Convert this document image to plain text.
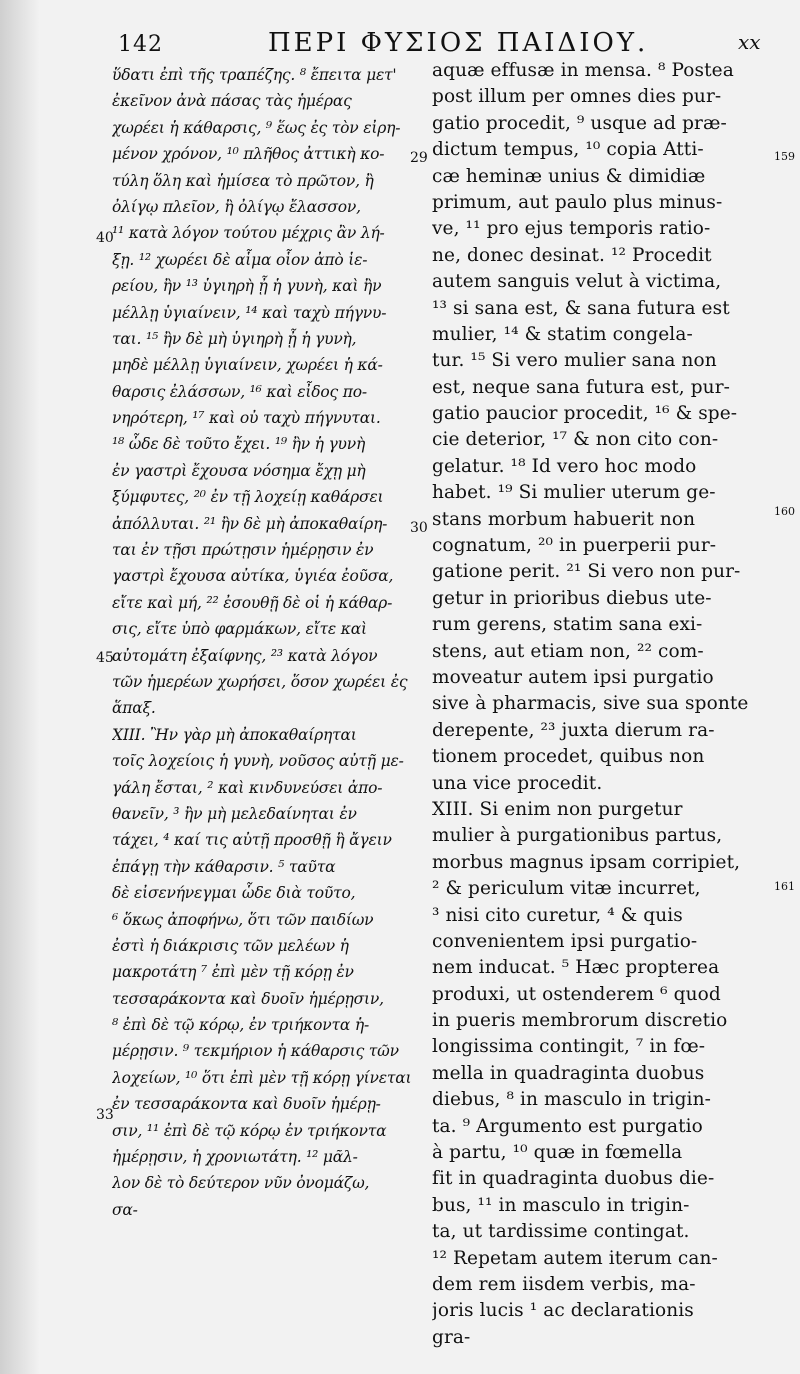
142	ΠΕΡΙ ΦΥΣΙΟΣ ΠΑΙΔΙΟΥ.	xx
ὕδατι ἐπὶ τῆς τραπέζης. ⁸ ἔπειτα μετ'
ἐκεῖνον ἀνὰ πάσας τὰς ἡμέρας
χωρέει ἡ κάθαρσις, ⁹ ἕως ἐς τὸν εἰρη-
μένον χρόνον, ¹⁰ πλῆθος ἀττικὴ κο-
τύλη ὅλη καὶ ἡμίσεα τὸ πρῶτον, ἢ
ὀλίγῳ πλεῖον, ἢ ὀλίγῳ ἔλασσον,
¹¹ κατὰ λόγον τούτου μέχρις ἂν λή-
ξῃ. ¹² χωρέει δὲ αἷμα οἷον ἀπὸ ἱε-
ρείου, ἢν ¹³ ὑγιηρὴ ᾖ ἡ γυνὴ, καὶ ἢν
μέλλῃ ὑγιαίνειν, ¹⁴ καὶ ταχὺ πήγνυ-
ται. ¹⁵ ἢν δὲ μὴ ὑγιηρὴ ᾖ ἡ γυνὴ,
μηδὲ μέλλῃ ὑγιαίνειν, χωρέει ἡ κά-
θαρσις ἐλάσσων, ¹⁶ καὶ εἶδος πο-
νηρότερη, ¹⁷ καὶ οὐ ταχὺ πήγνυται.
¹⁸ ὧδε δὲ τοῦτο ἔχει. ¹⁹ ἢν ἡ γυνὴ
ἐν γαστρὶ ἔχουσα νόσημα ἔχῃ μὴ
ξύμφυτες, ²⁰ ἐν τῇ λοχείῃ καθάρσει
ἀπόλλυται. ²¹ ἢν δὲ μὴ ἀποκαθαίρη-
ται ἐν τῇσι πρώτῃσιν ἡμέρῃσιν ἐν
γαστρὶ ἔχουσα αὐτίκα, ὑγιέα ἐοῦσα,
εἴτε καὶ μή, ²² ἐσουθῇ δὲ οἱ ἡ κάθαρ-
σις, εἴτε ὑπὸ φαρμάκων, εἴτε καὶ
αὐτομάτη ἐξαίφνης, ²³ κατὰ λόγον
τῶν ἡμερέων χωρήσει, ὅσον χωρέει ἐς
ἅπαξ.
XIII. Ἢν γὰρ μὴ ἀποκαθαίρηται
τοῖς λοχείοις ἡ γυνὴ, νοῦσος αὐτῇ με-
γάλη ἔσται, ² καὶ κινδυνεύσει ἀπο-
θανεῖν, ³ ἢν μὴ μελεδαίνηται ἐν
τάχει, ⁴ καί τις αὐτῇ προσθῇ ἣ ἄγειν
ἐπάγῃ τὴν κάθαρσιν. ⁵ ταῦτα
δὲ εἰσενήνεγμαι ὧδε διὰ τοῦτο,
⁶ ὅκως ἀποφήνω, ὅτι τῶν παιδίων
ἐστὶ ἡ διάκρισις τῶν μελέων ἡ
μακροτάτη ⁷ ἐπὶ μὲν τῇ κόρῃ ἐν
τεσσαράκοντα καὶ δυοῖν ἡμέρῃσιν,
⁸ ἐπὶ δὲ τῷ κόρῳ, ἐν τριήκοντα ἡ-
μέρῃσιν. ⁹ τεκμήριον ἡ κάθαρσις τῶν
λοχείων, ¹⁰ ὅτι ἐπὶ μὲν τῇ κόρῃ γίνεται
ἐν τεσσαράκοντα καὶ δυοῖν ἡμέρῃ-
σιν, ¹¹ ἐπὶ δὲ τῷ κόρῳ ἐν τριήκοντα
ἡμέρῃσιν, ἡ χρονιωτάτη. ¹² μᾶλ-
λον δὲ τὸ δεύτερον νῦν ὀνομάζω,
σα-
aquæ effusæ in mensa. ⁸ Postea
post illum per omnes dies pur-
gatio procedit, ⁹ usque ad præ-
dictum tempus, ¹⁰ copia Atti-
cæ heminæ unius & dimidiæ
primum, aut paulo plus minus-
ve, ¹¹ pro ejus temporis ratio-
ne, donec desinat. ¹² Procedit
autem sanguis velut à victima,
¹³ si sana est, & sana futura est
mulier, ¹⁴ & statim congela-
tur. ¹⁵ Si vero mulier sana non
est, neque sana futura est, pur-
gatio paucior procedit, ¹⁶ & spe-
cie deterior, ¹⁷ & non cito con-
gelatur. ¹⁸ Id vero hoc modo
habet. ¹⁹ Si mulier uterum ge-
stans morbum habuerit non
cognatum, ²⁰ in puerperii pur-
gatione perit. ²¹ Si vero non pur-
getur in prioribus diebus ute-
rum gerens, statim sana exi-
stens, aut etiam non, ²² com-
moveatur autem ipsi purgatio
sive à pharmacis, sive sua sponte
derepente, ²³ juxta dierum ra-
tionem procedet, quibus non
una vice procedit.
XIII. Si enim non purgetur
mulier à purgationibus partus,
morbus magnus ipsam corripiet,
² & periculum vitæ incurret,
³ nisi cito curetur, ⁴ & quis
convenientem ipsi purgatio-
nem inducat. ⁵ Hæc propterea
produxi, ut ostenderem ⁶ quod
in pueris membrorum discretio
longissima contingit, ⁷ in fœ-
mella in quadraginta duobus
diebus, ⁸ in masculo in trigin-
ta. ⁹ Argumento est purgatio
à partu, ¹⁰ quæ in fœmella
fit in quadraginta duobus die-
bus, ¹¹ in masculo in trigin-
ta, ut tardissime contingat.
¹² Repetam autem iterum can-
dem rem iisdem verbis, ma-
joris lucis ¹ ac declarationis
gra-
40
45
33
29
30
159
160
161
